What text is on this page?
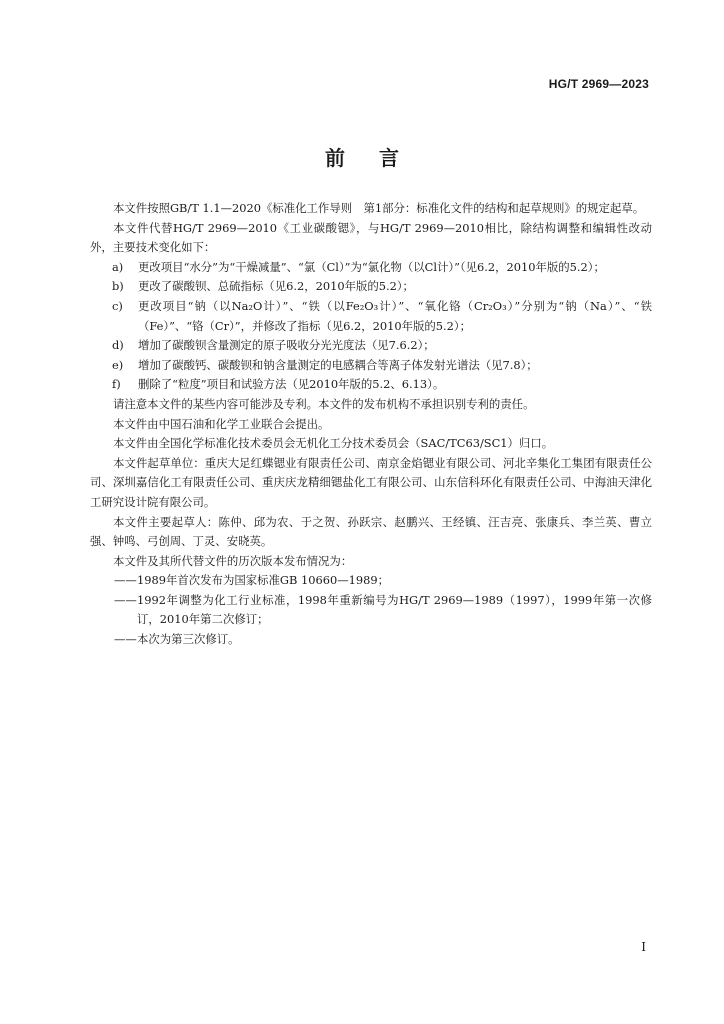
HG/T 2969—2023
前言

本文件按照GB/T 1.1—2020《标准化工作导则　第1部分：标准化文件的结构和起草规则》的规定起草。

本文件代替HG/T 2969—2010《工业碳酸锶》，与HG/T 2969—2010相比，除结构调整和编辑性改动外，主要技术变化如下：

a) 更改项目“水分”为“干燥减量”、“氯（Cl）”为“氯化物（以Cl计）”（见6.2，2010年版的5.2）；
b) 更改了碳酸钡、总硫指标（见6.2，2010年版的5.2）；
c) 更改项目“钠（以Na₂O计）”、“铁（以Fe₂O₃计）”、“氧化铬（Cr₂O₃）”分别为“钠（Na）”、“铁（Fe）”、“铬（Cr）”，并修改了指标（见6.2，2010年版的5.2）；
d) 增加了碳酸钡含量测定的原子吸收分光光度法（见7.6.2）；
e) 增加了碳酸钙、碳酸钡和钠含量测定的电感耦合等离子体发射光谱法（见7.8）；
f) 删除了“粒度”项目和试验方法（见2010年版的5.2、6.13）。

请注意本文件的某些内容可能涉及专利。本文件的发布机构不承担识别专利的责任。

本文件由中国石油和化学工业联合会提出。

本文件由全国化学标准化技术委员会无机化工分技术委员会（SAC/TC63/SC1）归口。

本文件起草单位：重庆大足红蝶锶业有限责任公司、南京金焰锶业有限公司、河北辛集化工集团有限责任公司、深圳嘉信化工有限责任公司、重庆庆龙精细锶盐化工有限公司、山东信科环化有限责任公司、中海油天津化工研究设计院有限公司。

本文件主要起草人：陈仲、邱为农、于之贺、孙跃宗、赵鹏兴、王经镇、汪吉亮、张康兵、李兰英、曹立强、钟鸣、弓创周、丁灵、安晓英。

本文件及其所代替文件的历次版本发布情况为：

—— 1989年首次发布为国家标准GB 10660—1989；
—— 1992年调整为化工行业标准，1998年重新编号为HG/T 2969—1989（1997），1999年第一次修订，2010年第二次修订；
—— 本次为第三次修订。
I
